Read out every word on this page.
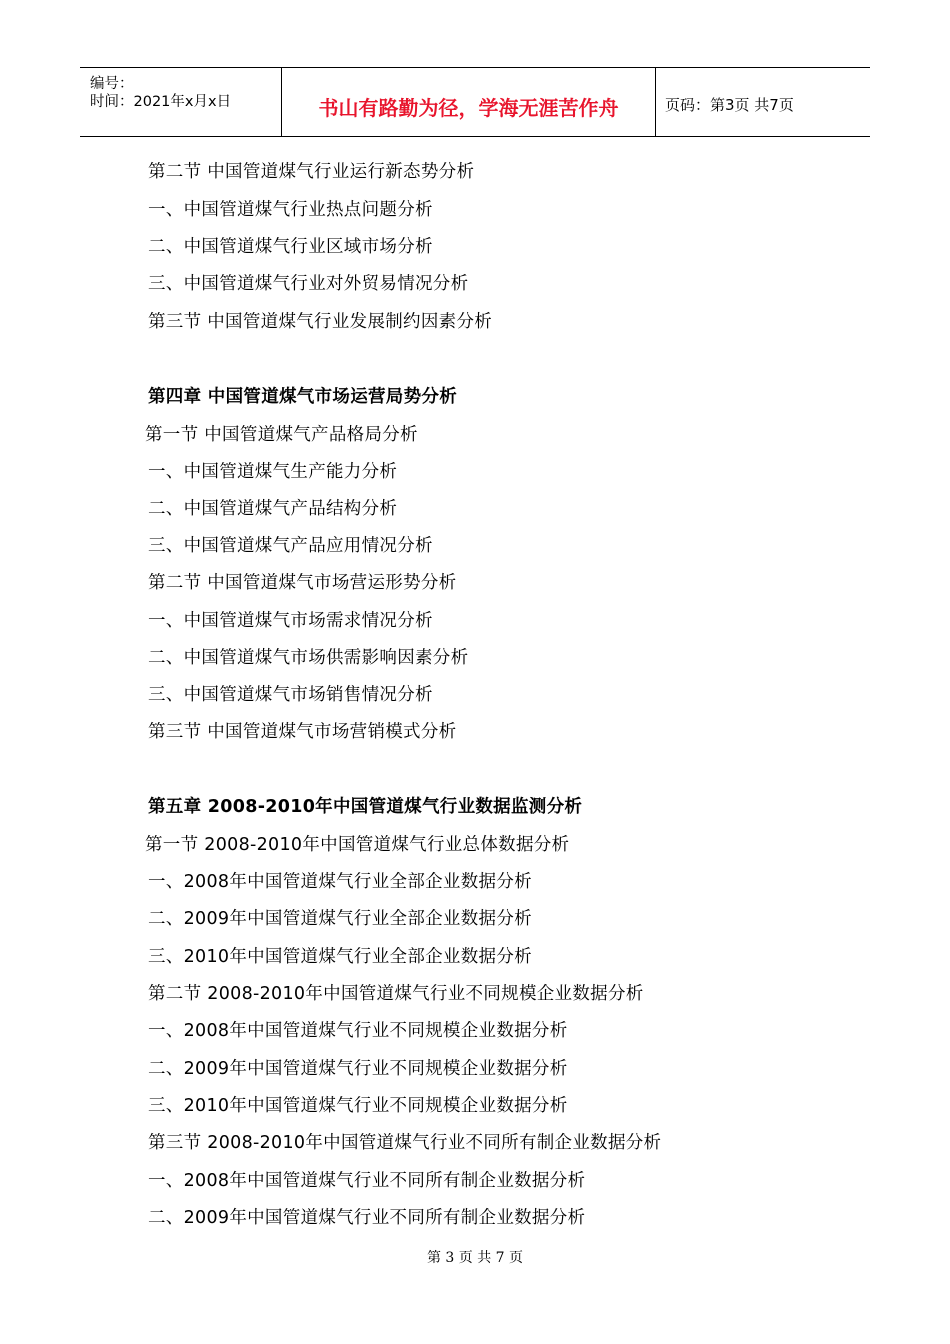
编号：
时间：2021年x月x日	书山有路勤为径，学海无涯苦作舟	页码：第3页 共7页
第二节 中国管道煤气行业运行新态势分析
一、中国管道煤气行业热点问题分析
二、中国管道煤气行业区域市场分析
三、中国管道煤气行业对外贸易情况分析
第三节 中国管道煤气行业发展制约因素分析
第四章 中国管道煤气市场运营局势分析
第一节 中国管道煤气产品格局分析
一、中国管道煤气生产能力分析
二、中国管道煤气产品结构分析
三、中国管道煤气产品应用情况分析
第二节 中国管道煤气市场营运形势分析
一、中国管道煤气市场需求情况分析
二、中国管道煤气市场供需影响因素分析
三、中国管道煤气市场销售情况分析
第三节 中国管道煤气市场营销模式分析
第五章 2008-2010年中国管道煤气行业数据监测分析
第一节 2008-2010年中国管道煤气行业总体数据分析
一、2008年中国管道煤气行业全部企业数据分析
二、2009年中国管道煤气行业全部企业数据分析
三、2010年中国管道煤气行业全部企业数据分析
第二节 2008-2010年中国管道煤气行业不同规模企业数据分析
一、2008年中国管道煤气行业不同规模企业数据分析
二、2009年中国管道煤气行业不同规模企业数据分析
三、2010年中国管道煤气行业不同规模企业数据分析
第三节 2008-2010年中国管道煤气行业不同所有制企业数据分析
一、2008年中国管道煤气行业不同所有制企业数据分析
二、2009年中国管道煤气行业不同所有制企业数据分析
第 3 页 共 7 页
